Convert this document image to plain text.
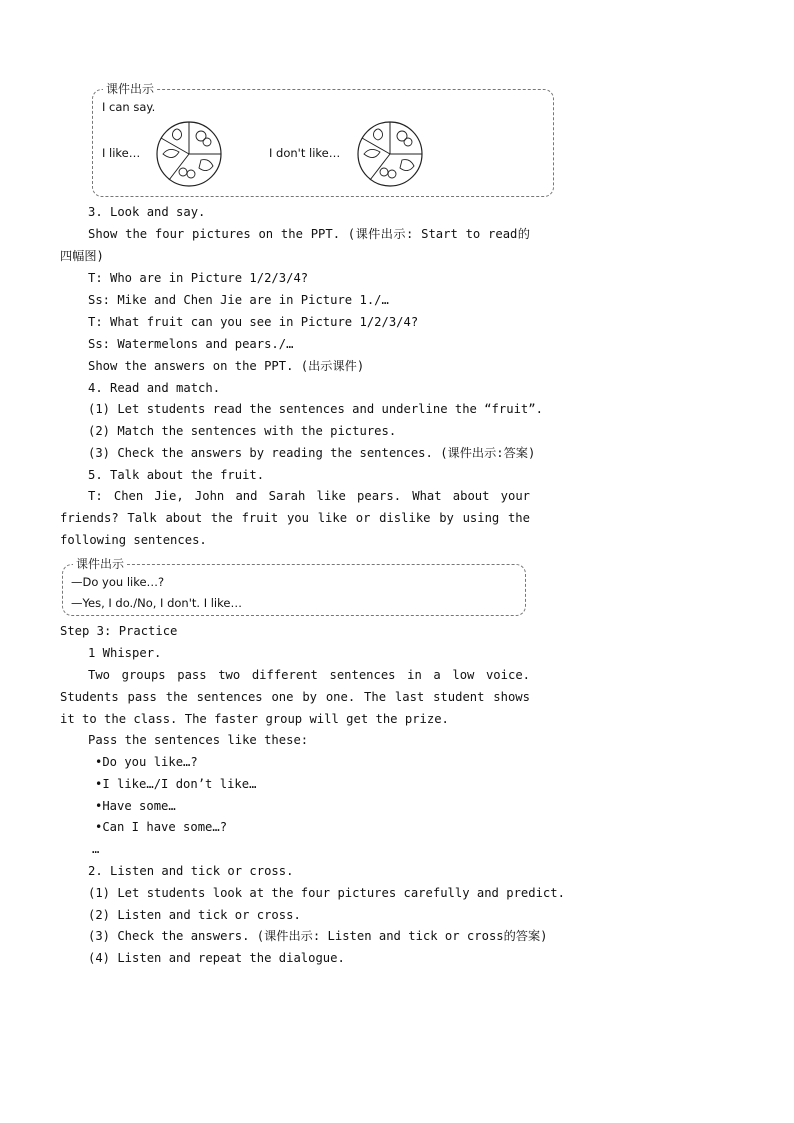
课件出示
I can say.
I like…	I don't like…
3. Look and say.
Show the four pictures on the PPT. (课件出示: Start to read的四幅图)
T: Who are in Picture 1/2/3/4?
Ss: Mike and Chen Jie are in Picture 1./…
T: What fruit can you see in Picture 1/2/3/4?
Ss: Watermelons and pears./…
Show the answers on the PPT. (出示课件)
4. Read and match.
(1) Let students read the sentences and underline the “fruit”.
(2) Match the sentences with the pictures.
(3) Check the answers by reading the sentences. (课件出示:答案)
5. Talk about the fruit.
T: Chen Jie, John and Sarah like pears. What about your friends? Talk about the fruit you like or dislike by using the following sentences.
课件出示
—Do you like…?
—Yes, I do./No, I don't. I like…
Step 3: Practice
1 Whisper.
Two groups pass two different sentences in a low voice. Students pass the sentences one by one. The last student shows it to the class. The faster group will get the prize.
Pass the sentences like these:
•Do you like…?
•I like…/I don’t like…
•Have some…
•Can I have some…?
…
2. Listen and tick or cross.
(1) Let students look at the four pictures carefully and predict.
(2) Listen and tick or cross.
(3) Check the answers. (课件出示: Listen and tick or cross的答案)
(4) Listen and repeat the dialogue.
